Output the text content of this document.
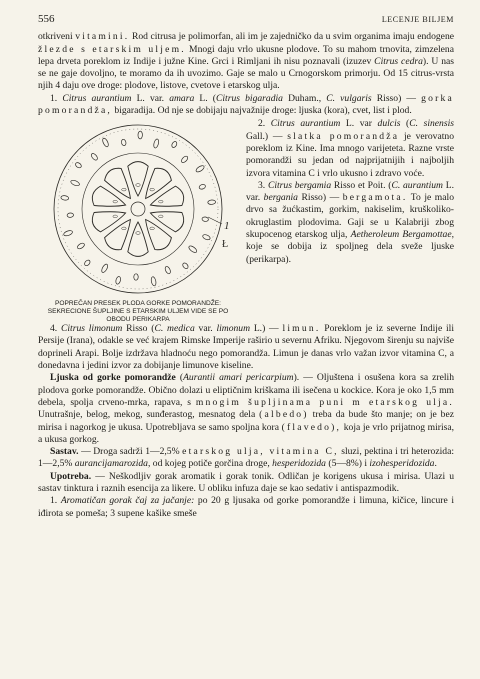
556	LECENJE BILJEM

otkriveni vitamini. Rod citrusa je polimorfan, ali im je zajedničko da u svim organima imaju endogene žlezde s etarskim uljem. Mnogi daju vrlo ukusne plodove. To su mahom trnovita, zimzelena lepa drveta poreklom iz Indije i južne Kine. Grci i Rimljani ih nisu poznavali (izuzev Citrus cedra). U nas se ne gaje dovoljno, te moramo da ih uvozimo. Gaje se malo u Crnogorskom primorju. Od 15 citrus-vrsta njih 4 daju ove droge: plodove, listove, cvetove i etarskog ulja.

1. Citrus aurantium L. var. amara L. (Citrus bigaradia Duham., C. vulgaris Risso) — gorka pomorandža, bigaradija. Od nje se dobijaju najvažnije droge: ljuska (kora), cvet, list i plod.

1
Ł
POPREČAN PRESEK PLODA GORKE POMORANDŽE: SEKRECIONE ŠUPLJINE S ETARSKIM ULJEM VIDE SE PO OBODU PERIKARPA

2. Citrus aurantium L. var dulcis (C. sinensis Gall.) — slatka pomorandža je verovatno poreklom iz Kine. Ima mnogo varijeteta. Razne vrste pomorandži su jedan od najpriјatnijih i najboljih izvora vitamina C i vrlo ukusno i zdravo voće.

3. Citrus bergamia Risso et Poit. (C. aurantium L. var. bergania Risso) — bergamota. To je malo drvo sa žućkastim, gorkim, nakiselim, kruškoliko-okruglastim plodovima. Gaji se u Kalabriji zbog skupocenog etarskog ulja, Aetheroleum Bergamottae, koje se dobija iz spoljneg dela sveže ljuske (perikarpa).

4. Citrus limonum Risso (C. medica var. limonum L.) — limun. Poreklom je iz severne Indije ili Persije (Irana), odakle se već krajem Rimske Imperije raširio u severnu Afriku. Njegovom širenju su najviše doprineli Arapi. Bolje izdržava hladnoću nego pomorandža. Limun je danas vrlo važan izvor vitamina C, a donedavna i jedini izvor za dobijanje limunove kiseline.

Ljuska od gorke pomorandže (Aurantii amari pericarpium). — Oljuštena i osušena kora sa zrelih plodova gorke pomorandže. Obično dolazi u eliptičnim kriškama ili isečena u kockice. Kora je oko 1,5 mm debela, spolja crveno-mrka, rapava, s mnogim šupljinama puni m etarskog ulja. Unutrašnje, belog, mekog, sunđerastog, mesnatog dela (albedo) treba da bude što manje; on je bez mirisa i nagorkog je ukusa. Upotrebljava se samo spoljna kora (flavedo), koja je vrlo prijatnog mirisa, a ukusa gorkog.

Sastav. — Droga sadrži 1—2,5% etarskog ulja, vitamina C, sluzi, pektina i tri heterozida: 1—2,5% aurancijamarozida, od kojeg potiče gorčina droge, hesperidozida (5—8%) i izohesperidozida.

Upotreba. — Neškodljiv gorak aromatik i gorak tonik. Odličan je korigens ukusa i mirisa. Ulazi u sastav tinktura i raznih esencija za likere. U obliku infuza daje se kao sedativ i antispazmodik.

1. Aromatičan gorak čaj za jačanje: po 20 g ljusaka od gorke pomorandže i limuna, kičice, lincure i iđirota se pomeša; 3 supene kašike smeše
